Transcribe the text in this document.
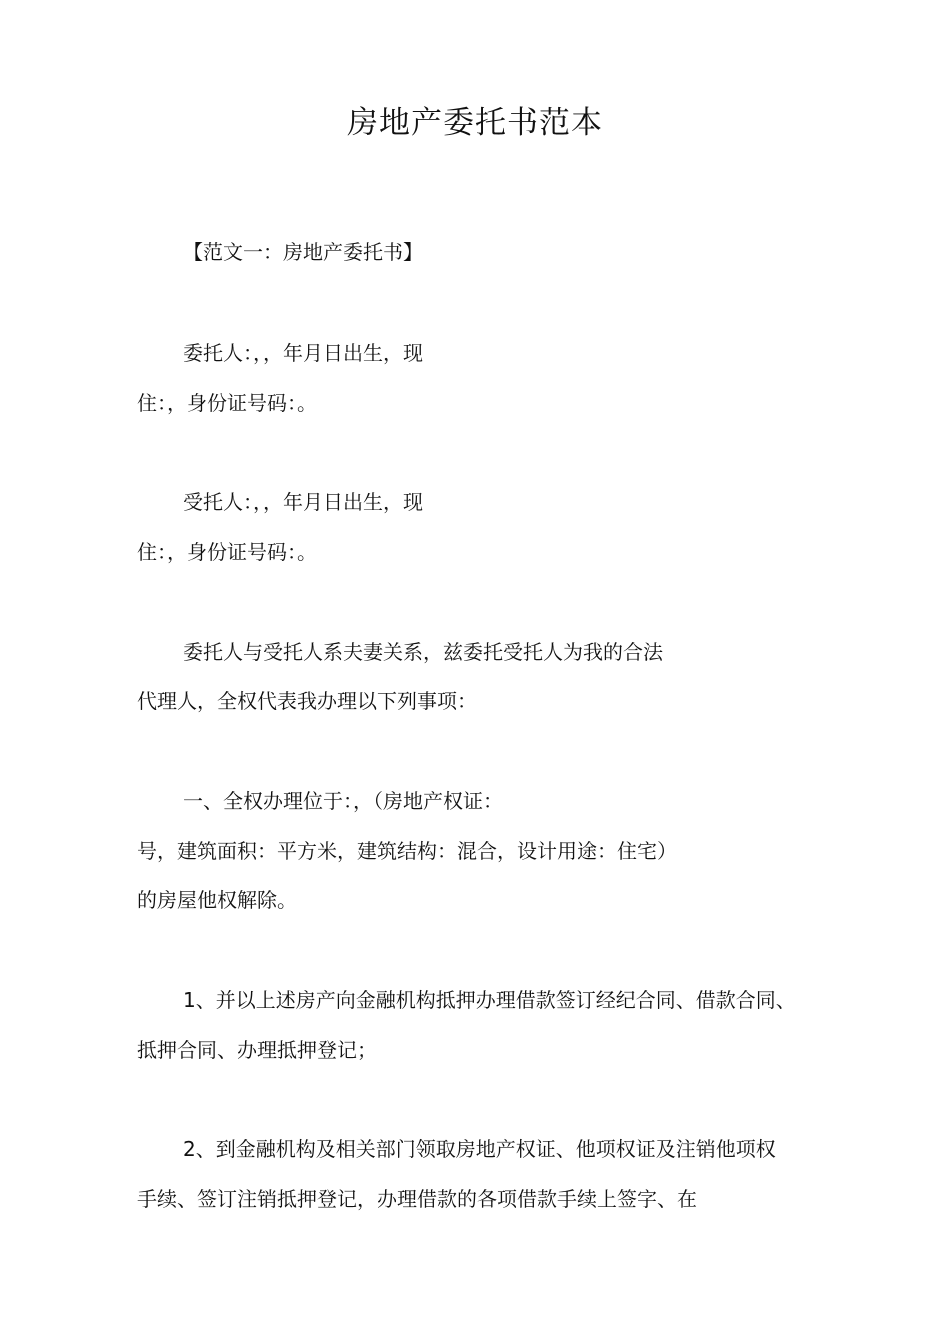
房地产委托书范本
【范文一：房地产委托书】
委托人：，，年月日出生，现
住：，身份证号码：。
受托人：，，年月日出生，现
住：，身份证号码：。
委托人与受托人系夫妻关系，兹委托受托人为我的合法
代理人，全权代表我办理以下列事项：
一、全权办理位于：，（房地产权证：
号，建筑面积：平方米，建筑结构：混合，设计用途：住宅）
的房屋他权解除。
1、并以上述房产向金融机构抵押办理借款签订经纪合同、借款合同、
抵押合同、办理抵押登记；
2、到金融机构及相关部门领取房地产权证、他项权证及注销他项权
手续、签订注销抵押登记，办理借款的各项借款手续上签字、在
